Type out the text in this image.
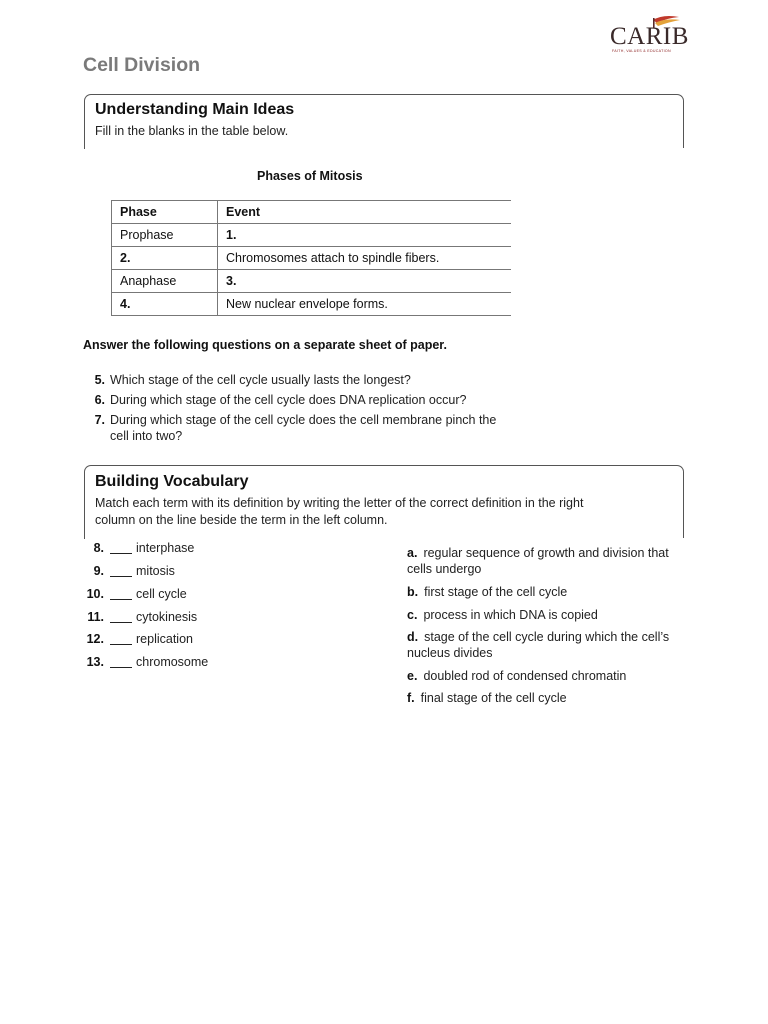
CARIB
FAITH, VALUES & EDUCATION
Cell Division
Understanding Main Ideas
Fill in the blanks in the table below.
Phases of Mitosis
Phase	Event
Prophase	1.
2.	Chromosomes attach to spindle fibers.
Anaphase	3.
4.	New nuclear envelope forms.
Answer the following questions on a separate sheet of paper.
5. Which stage of the cell cycle usually lasts the longest?
6. During which stage of the cell cycle does DNA replication occur?
7. During which stage of the cell cycle does the cell membrane pinch the cell into two?
Building Vocabulary
Match each term with its definition by writing the letter of the correct definition in the right column on the line beside the term in the left column.
8.	interphase
9.	mitosis
10.	cell cycle
11.	cytokinesis
12.	replication
13.	chromosome
a. regular sequence of growth and division that cells undergo
b. first stage of the cell cycle
c. process in which DNA is copied
d. stage of the cell cycle during which the cell’s nucleus divides
e. doubled rod of condensed chromatin
f. final stage of the cell cycle
